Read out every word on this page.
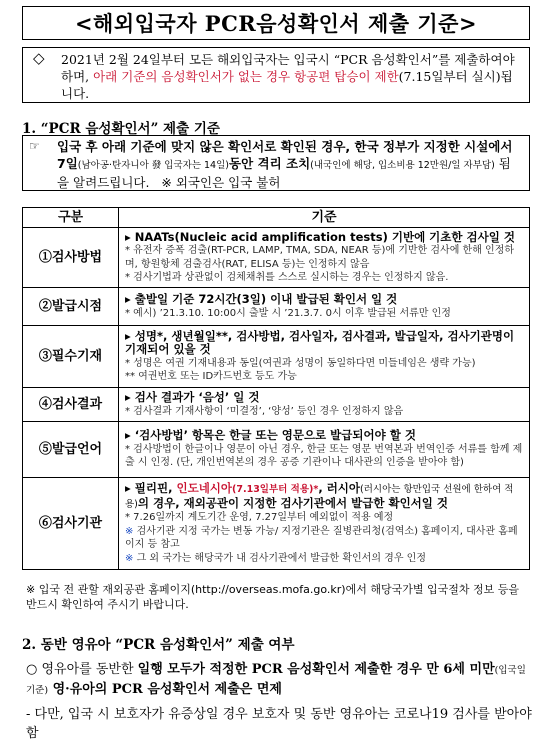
<해외입국자 PCR음성확인서 제출 기준>
◇ 2021년 2월 24일부터 모든 해외입국자는 입국시 “PCR 음성확인서”를 제출하여야 하며, 아래 기준의 음성확인서가 없는 경우 항공편 탑승이 제한(7.15일부터 실시)됩니다.
1. “PCR 음성확인서” 제출 기준
☞ 입국 후 아래 기준에 맞지 않은 확인서로 확인된 경우, 한국 정부가 지정한 시설에서 7일(남아공·탄자니아 發 입국자는 14일)동안 격리 조치(내국인에 해당, 입소비용 12만원/일 자부담) 됨을 알려드립니다. ※ 외국인은 입국 불허
구분	기준
①검사방법	▸ NAATs(Nucleic acid amplification tests) 기반에 기초한 검사일 것
* 유전자 증폭 검출(RT-PCR, LAMP, TMA, SDA, NEAR 등)에 기반한 검사에 한해 인정하며, 항원항체 검출검사(RAT, ELISA 등)는 인정하지 않음
* 검사기법과 상관없이 검체채취를 스스로 실시하는 경우는 인정하지 않음.

②발급시점	▸ 출발일 기준 72시간(3일) 이내 발급된 확인서 일 것
* 예시) ’21.3.10. 10:00시 출발 시 ’21.3.7. 0시 이후 발급된 서류만 인정

③필수기재	▸ 성명*, 생년월일**, 검사방법, 검사일자, 검사결과, 발급일자, 검사기관명이 기재되어 있을 것
* 성명은 여권 기재내용과 동일(여권과 성명이 동일하다면 미들네임은 생략 가능)
** 여권번호 또는 ID카드번호 등도 가능

④검사결과	▸ 검사 결과가 ‘음성’ 일 것
* 검사결과 기재사항이 ‘미결정’, ‘양성’ 등인 경우 인정하지 않음

⑤발급언어	▸ ‘검사방법’ 항목은 한글 또는 영문으로 발급되어야 할 것
* 검사방법이 한글이나 영문이 아닌 경우, 한글 또는 영문 번역본과 번역인증 서류를 함께 제출 시 인정. (단, 개인번역본의 경우 공증 기관이나 대사관의 인증을 받아야 함)

⑥검사기관	▸ 필리핀, 인도네시아(7.13일부터 적용)*, 러시아(러시아는 항만입국 선원에 한하여 적용)의 경우, 재외공관이 지정한 검사기관에서 발급한 확인서일 것
* 7.26일까지 계도기간 운영, 7.27일부터 예외없이 적용 예정
※ 검사기관 지정 국가는 변동 가능/ 지정기관은 질병관리청(검역소) 홈페이지, 대사관 홈페이지 등 참고
※ 그 외 국가는 해당국가 내 검사기관에서 발급한 확인서의 경우 인정
※ 입국 전 관할 재외공관 홈페이지(http://overseas.mofa.go.kr)에서 해당국가별 입국절차 정보 등을 반드시 확인하여 주시기 바랍니다.
2. 동반 영유아 “PCR 음성확인서” 제출 여부
○ 영유아를 동반한 일행 모두가 적정한 PCR 음성확인서 제출한 경우 만 6세 미만(입국일 기준) 영·유아의 PCR 음성확인서 제출은 면제
- 다만, 입국 시 보호자가 유증상일 경우 보호자 및 동반 영유아는 코로나19 검사를 받아야 함
